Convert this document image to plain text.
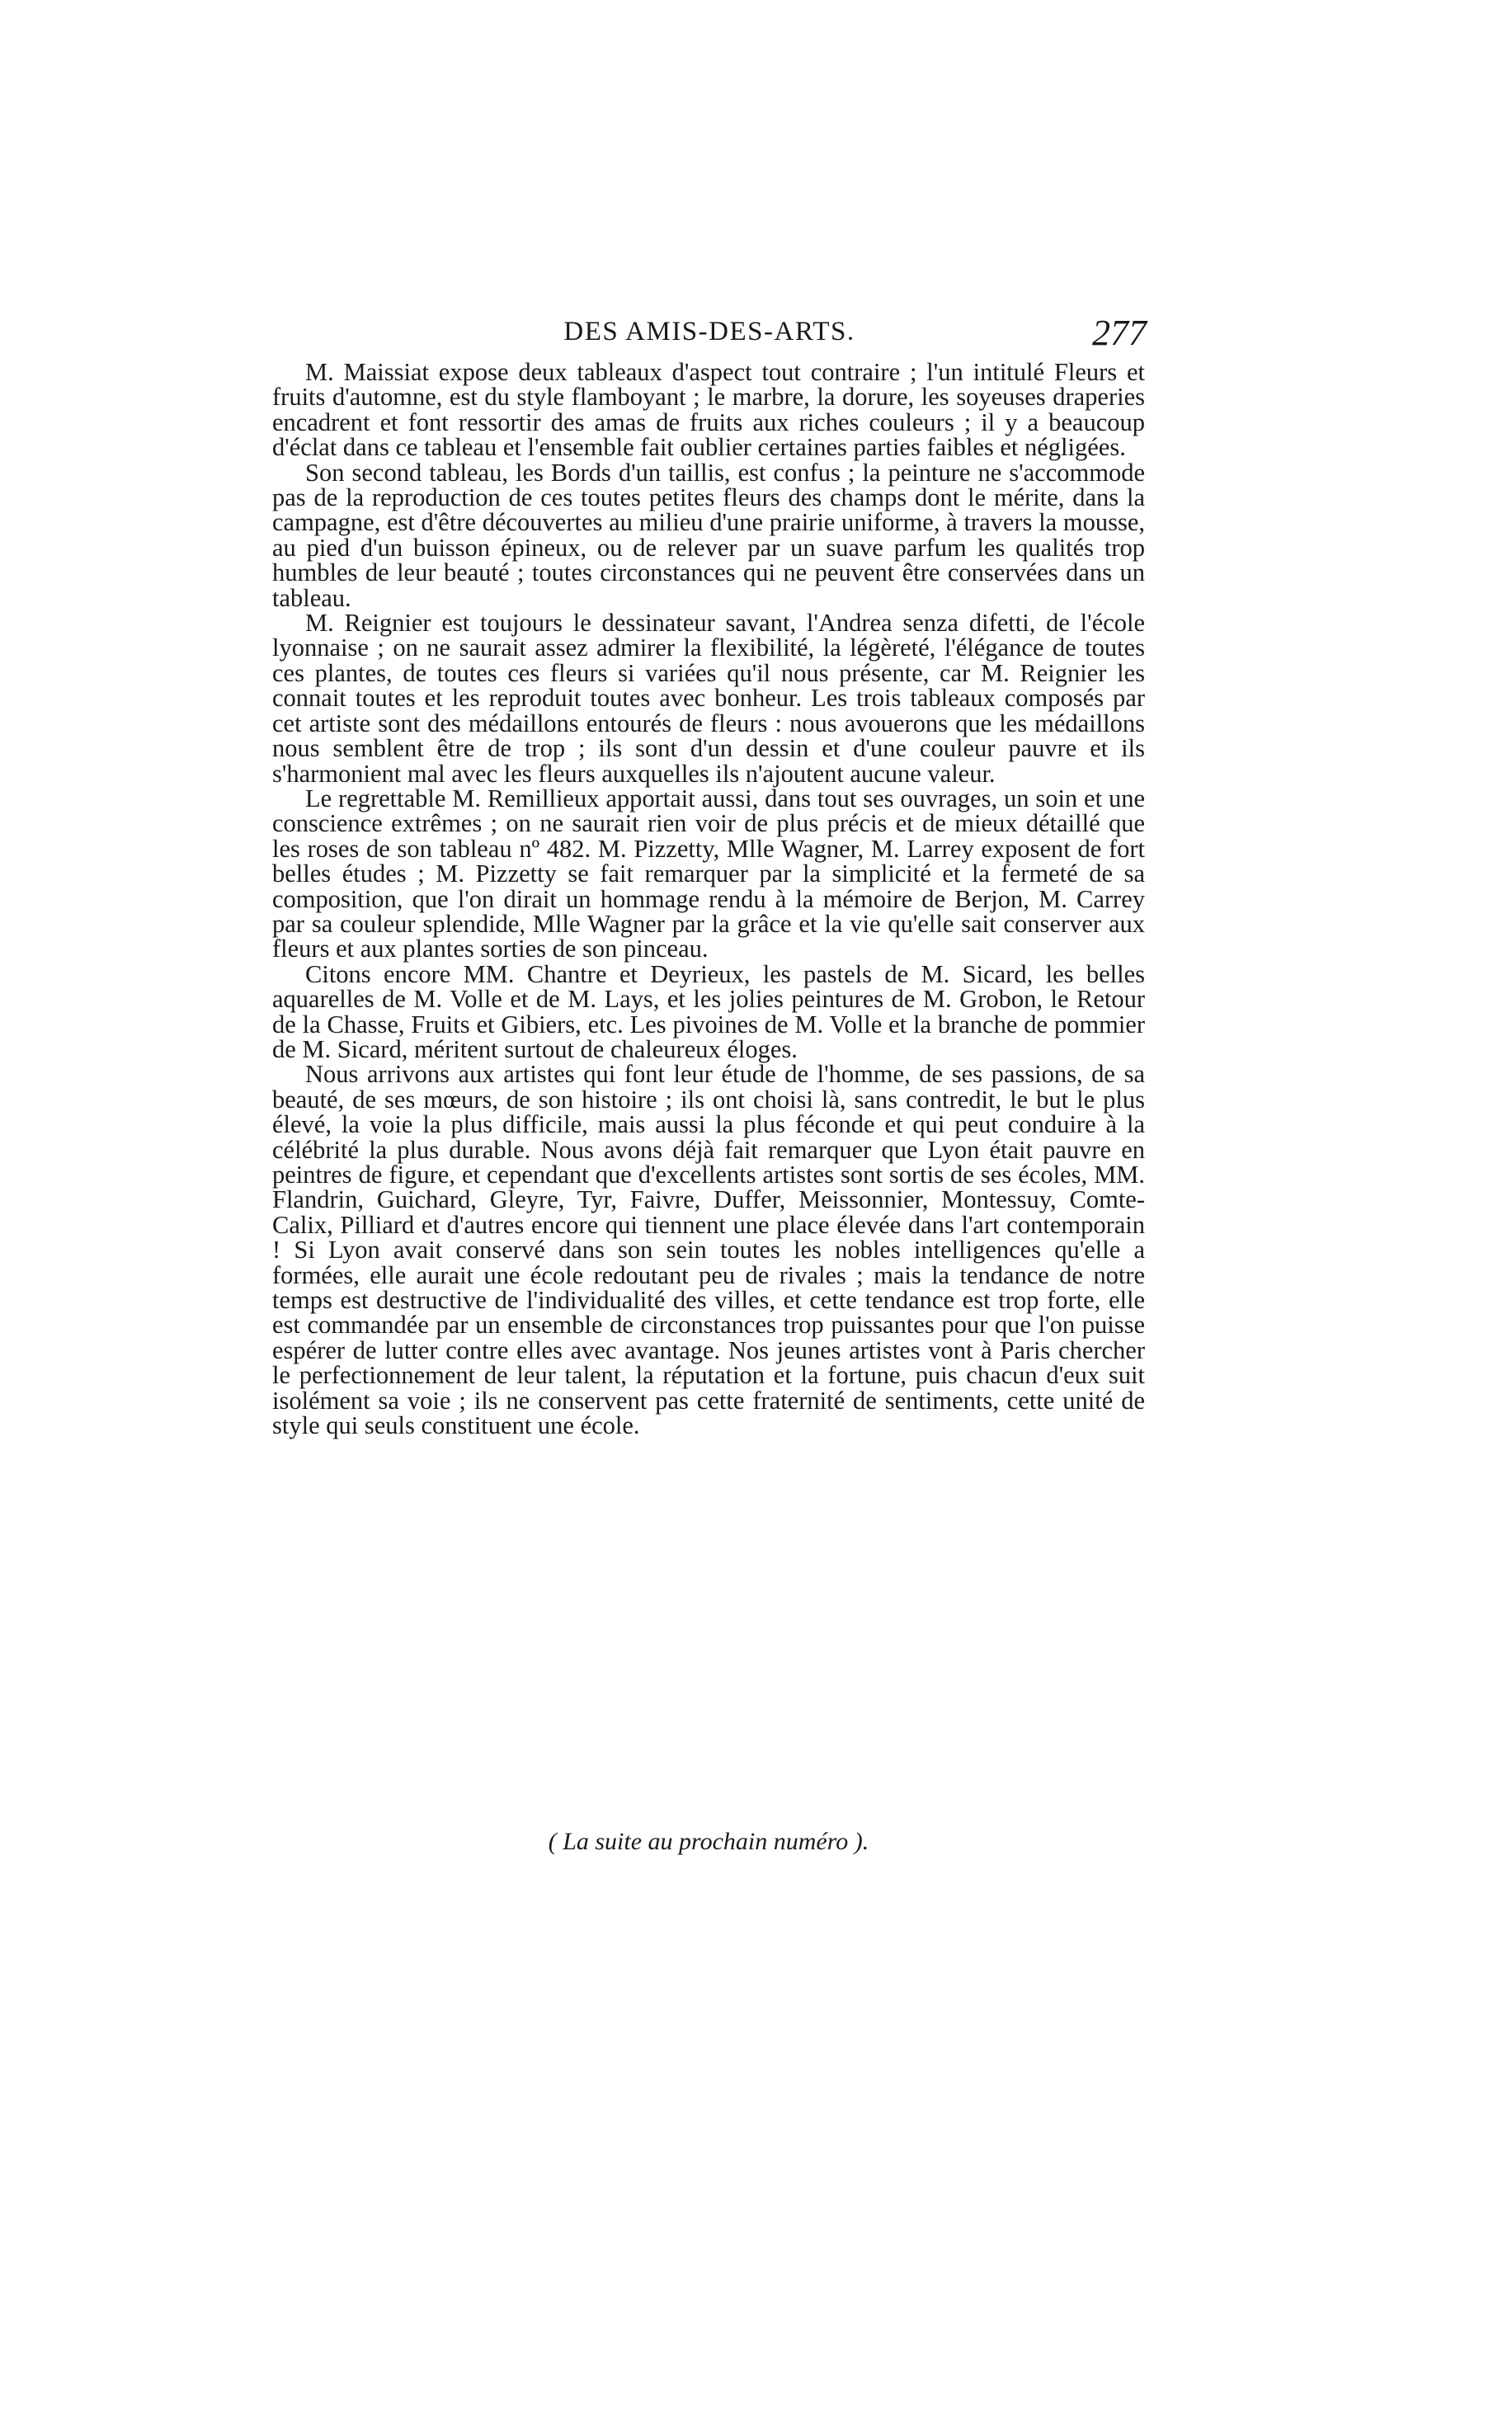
DES AMIS-DES-ARTS.	277

M. Maissiat expose deux tableaux d'aspect tout contraire ; l'un intitulé Fleurs et fruits d'automne, est du style flamboyant ; le marbre, la dorure, les soyeuses draperies encadrent et font ressortir des amas de fruits aux riches couleurs ; il y a beaucoup d'éclat dans ce tableau et l'ensemble fait oublier certaines parties faibles et négligées.

Son second tableau, les Bords d'un taillis, est confus ; la peinture ne s'accommode pas de la reproduction de ces toutes petites fleurs des champs dont le mérite, dans la campagne, est d'être découvertes au milieu d'une prairie uniforme, à travers la mousse, au pied d'un buisson épineux, ou de relever par un suave parfum les qualités trop humbles de leur beauté ; toutes circonstances qui ne peuvent être conservées dans un tableau.

M. Reignier est toujours le dessinateur savant, l'Andrea senza difetti, de l'école lyonnaise ; on ne saurait assez admirer la flexibilité, la légèreté, l'élégance de toutes ces plantes, de toutes ces fleurs si variées qu'il nous présente, car M. Reignier les connait toutes et les reproduit toutes avec bonheur. Les trois tableaux composés par cet artiste sont des médaillons entourés de fleurs : nous avouerons que les médaillons nous semblent être de trop ; ils sont d'un dessin et d'une couleur pauvre et ils s'harmonient mal avec les fleurs auxquelles ils n'ajoutent aucune valeur.

Le regrettable M. Remillieux apportait aussi, dans tout ses ouvrages, un soin et une conscience extrêmes ; on ne saurait rien voir de plus précis et de mieux détaillé que les roses de son tableau nº 482. M. Pizzetty, Mlle Wagner, M. Larrey exposent de fort belles études ; M. Pizzetty se fait remarquer par la simplicité et la fermeté de sa composition, que l'on dirait un hommage rendu à la mémoire de Berjon, M. Carrey par sa couleur splendide, Mlle Wagner par la grâce et la vie qu'elle sait conserver aux fleurs et aux plantes sorties de son pinceau.

Citons encore MM. Chantre et Deyrieux, les pastels de M. Sicard, les belles aquarelles de M. Volle et de M. Lays, et les jolies peintures de M. Grobon, le Retour de la Chasse, Fruits et Gibiers, etc. Les pivoines de M. Volle et la branche de pommier de M. Sicard, méritent surtout de chaleureux éloges.

Nous arrivons aux artistes qui font leur étude de l'homme, de ses passions, de sa beauté, de ses mœurs, de son histoire ; ils ont choisi là, sans contredit, le but le plus élevé, la voie la plus difficile, mais aussi la plus féconde et qui peut conduire à la célébrité la plus durable. Nous avons déjà fait remarquer que Lyon était pauvre en peintres de figure, et cependant que d'excellents artistes sont sortis de ses écoles, MM. Flandrin, Guichard, Gleyre, Tyr, Faivre, Duffer, Meissonnier, Montessuy, Comte-Calix, Pilliard et d'autres encore qui tiennent une place élevée dans l'art contemporain ! Si Lyon avait conservé dans son sein toutes les nobles intelligences qu'elle a formées, elle aurait une école redoutant peu de rivales ; mais la tendance de notre temps est destructive de l'individualité des villes, et cette tendance est trop forte, elle est commandée par un ensemble de circonstances trop puissantes pour que l'on puisse espérer de lutter contre elles avec avantage. Nos jeunes artistes vont à Paris chercher le perfectionnement de leur talent, la réputation et la fortune, puis chacun d'eux suit isolément sa voie ; ils ne conservent pas cette fraternité de sentiments, cette unité de style qui seuls constituent une école.

( La suite au prochain numéro ).
